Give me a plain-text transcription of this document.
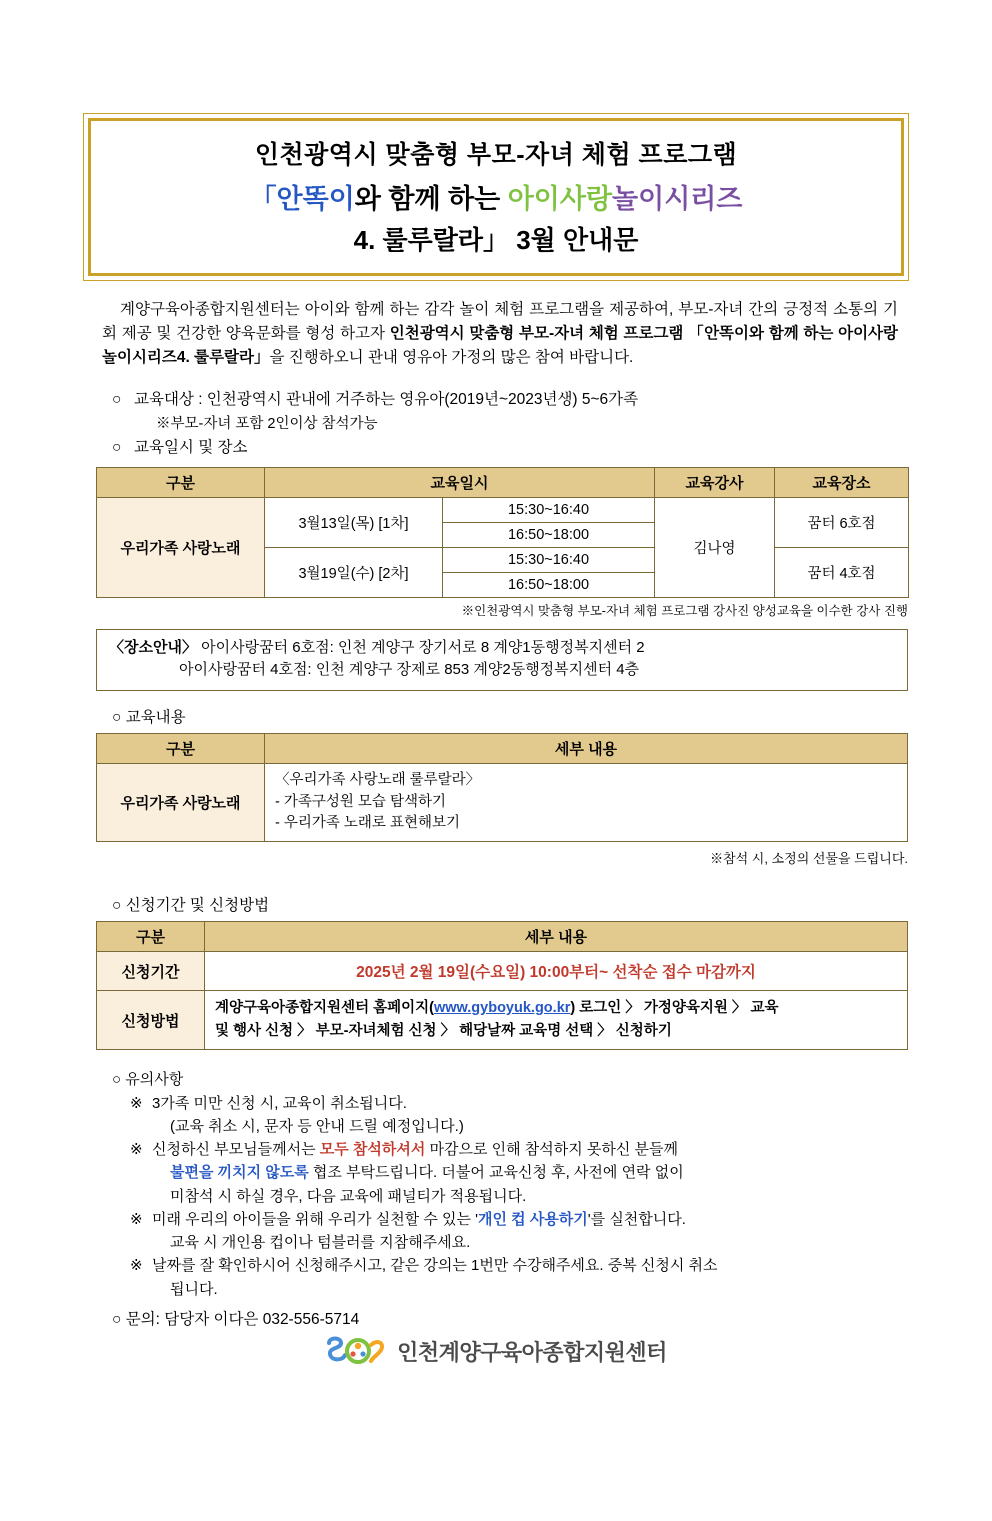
인천광역시 맞춤형 부모-자녀 체험 프로그램
「안똑이와 함께 하는 아이사랑놀이시리즈
4. 룰루랄라」 3월 안내문
계양구육아종합지원센터는 아이와 함께 하는 감각 놀이 체험 프로그램을 제공하여, 부모-자녀 간의 긍정적 소통의 기회 제공 및 건강한 양육문화를 형성 하고자 인천광역시 맞춤형 부모-자녀 체험 프로그램 「안똑이와 함께 하는 아이사랑놀이시리즈4. 룰루랄라」을 진행하오니 관내 영유아 가정의 많은 참여 바랍니다.
○ 교육대상 : 인천광역시 관내에 거주하는 영유아(2019년~2023년생) 5~6가족
※부모-자녀 포함 2인이상 참석가능
○ 교육일시 및 장소
구분	교육일시		교육강사	교육장소
우리가족 사랑노래	3월13일(목) [1차]	15:30~16:40	김나영	꿈터 6호점
		16:50~18:00		
	3월19일(수) [2차]	15:30~16:40		꿈터 4호점
		16:50~18:00		
※인천광역시 맞춤형 부모-자녀 체험 프로그램 강사진 양성교육을 이수한 강사 진행
〈장소안내〉 아이사랑꿈터 6호점: 인천 계양구 장기서로 8 계양1동행정복지센터 2
아이사랑꿈터 4호점: 인천 계양구 장제로 853 계양2동행정복지센터 4층
○ 교육내용
구분	세부 내용
우리가족 사랑노래	〈우리가족 사랑노래 룰루랄라〉
- 가족구성원 모습 탐색하기
- 우리가족 노래로 표현해보기
※참석 시, 소정의 선물을 드립니다.
○ 신청기간 및 신청방법
구분	세부 내용
신청기간	2025년 2월 19일(수요일) 10:00부터~ 선착순 접수 마감까지
신청방법	계양구육아종합지원센터 홈페이지(www.gyboyuk.go.kr) 로그인 〉 가정양육지원 〉 교육
및 행사 신청 〉 부모-자녀체험 신청 〉 해당날짜 교육명 선택 〉 신청하기
○ 유의사항
※ 3가족 미만 신청 시, 교육이 취소됩니다.
(교육 취소 시, 문자 등 안내 드릴 예정입니다.)
※ 신청하신 부모님들께서는 모두 참석하셔서 마감으로 인해 참석하지 못하신 분들께
불편을 끼치지 않도록 협조 부탁드립니다. 더불어 교육신청 후, 사전에 연락 없이
미참석 시 하실 경우, 다음 교육에 패널티가 적용됩니다.
※ 미래 우리의 아이들을 위해 우리가 실천할 수 있는 '개인 컵 사용하기'를 실천합니다.
교육 시 개인용 컵이나 텀블러를 지참해주세요.
※ 날짜를 잘 확인하시어 신청해주시고, 같은 강의는 1번만 수강해주세요. 중복 신청시 취소
됩니다.
○ 문의: 담당자 이다은 032-556-5714
인천계양구육아종합지원센터
